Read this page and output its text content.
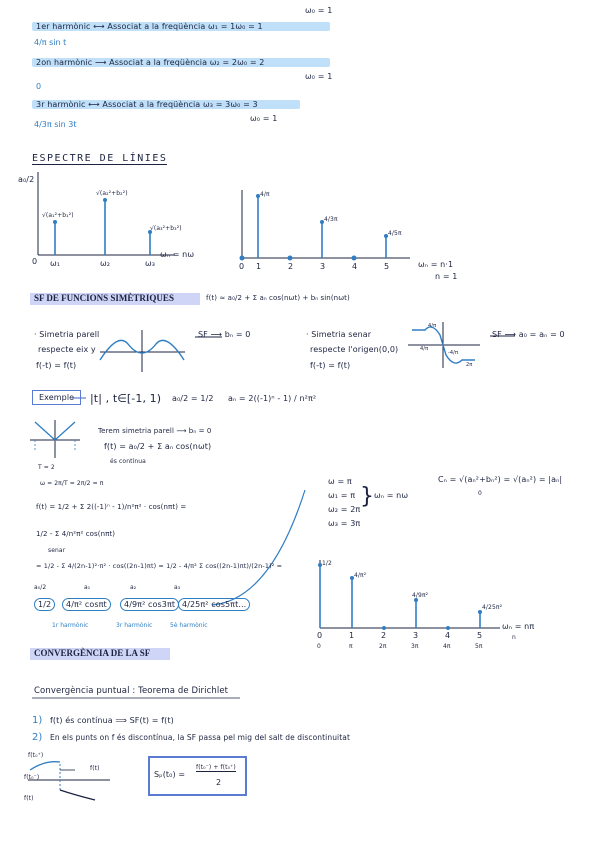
ω₀ = 1
1er harmònic ⟷ Associat a la freqüència ω₁ = 1ω₀ = 1
4/π sin t
2on harmònic ⟶ Associat a la freqüència ω₂ = 2ω₀ = 2
ω₀ = 1
0
3r harmònic ⟷ Associat a la freqüència ω₃ = 3ω₀ = 3
ω₀ = 1
4/3π sin 3t
ESPECTRE DE LÍNIES
a₀/2
√(a₁²+b₁²)
√(a₂²+b₂²)
√(a₃²+b₃²)
0 ω₁	ω₂	ω₃
ωₙ = nω
4/π
4/3π
4/5π
0 1	2	3	4	5	ωₙ = n·1
n = 1
SF DE FUNCIONS SIMÈTRIQUES	f(t) ≈ a₀/2 + Σ aₙ cos(nωt) + bₙ sin(nωt)
· Simetria parell
respecte eix y
f(-t) = f(t)
SF ⟶ bₙ = 0	· Simetria senar
respecte l'origen(0,0)
f(-t) = f(t)
SF ⟶ a₀ = aₙ = 0
4/π
4/π
-4/π
2π
Exemple	|t| , t∈[-1, 1) a₀/2 = 1/2 aₙ = 2((-1)ⁿ - 1) / n²π²
Terem simetria parell ⟶ bₙ = 0
f(t) = a₀/2 + Σ aₙ cos(nωt)
és contínua
T = 2
ω = 2π/T = 2π/2 = π
f(t) = 1/2 + Σ 2((-1)ⁿ - 1)/n²π² · cos(nπt) =
1/2 - Σ 4/n²π² cos(nπt)
senar
= 1/2 - Σ 4/(2n-1)²·π² · cos((2n-1)πt) = 1/2 - 4/π² Σ cos((2n-1)πt)/(2n-1)² =
a₀/2	a₁	a₂	a₃
1/2	4/π² cosπt	4/9π² cos3πt 4/25π² cos5πt...
1r harmònic	3r harmònic	5è harmònic
ω = π
ω₁ = π
ω₂ = 2π
ω₃ = 3π
} ωₙ = nω
Cₙ = √(aₙ²+bₙ²) = √(aₙ²) = |aₙ|
0
1/2
4/π²
4/9π²
4/25π²
0	1	2	3	4	5
0	π	2π	3π	4π	5π
ωₙ = nπ
n
CONVERGÈNCIA DE LA SF
Convergència puntual : Teorema de Dirichlet
1) f(t) és contínua ⟹ SF(t) = f(t)
2) En els punts on f és discontínua, la SF passa pel mig del salt de discontinuitat
f(t₀⁺)
f(t₀⁻)
f(t)
f(t)
Sₚ(t₀) =
f(t₀⁻) + f(t₀⁺)
2
